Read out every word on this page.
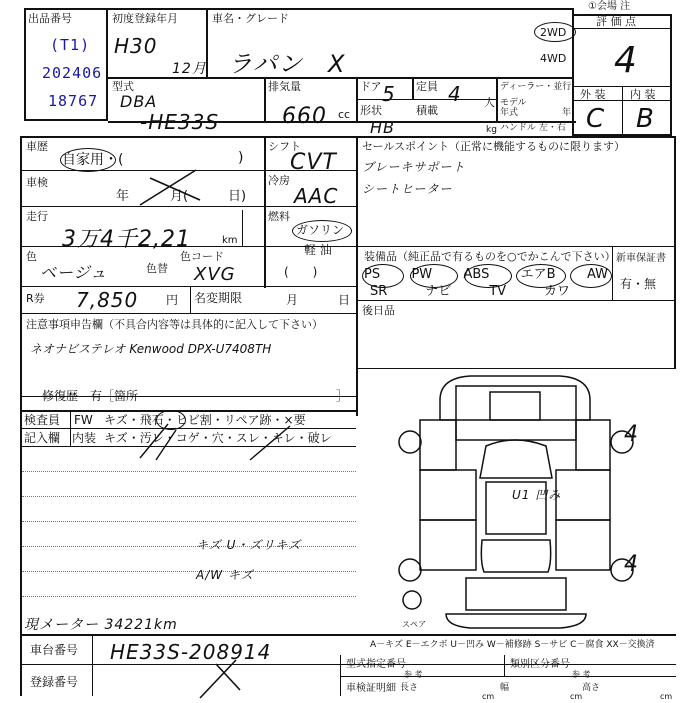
出品番号
(T1)
202406
18767
初度登録年月
H30
12月
車名・グレード
ラパン　X
①会場 注
評 価 点
4
2WD
4WD
型式
DBA
-HE33S
排気量
660 cc
ドア 5 定員 4 人
形状
HB
積載
kg
ディーラー・並行
モデル年式	年
ハンドル 左・右
外 装 内 装
C B
車歴
自家用・(	)
シフト
CVT
セールスポイント（正常に機能するものに限ります）
ブレーキサポート
シートヒーター
車検
年	月(	日)
冷房
AAC
走行
3万4千2,21	km
燃料
ガソリン
軽 油
(　　)
色
ベージュ	色替
色コード
XVG
装備品（純正品で有るものを○でかこんで下さい）
PS PW ABS エアB AW
SR	ナビ	TV	カワ
新車保証書
有・無
R券 7,850 円 名変期限	月	日
後日品
注意事項申告欄（不具合内容等は具体的に記入して下さい）
ネオナビステレオ Kenwood DPX-U7408TH
修復歴　有［箇所	］
検査員
記入欄
FW キズ・飛石・ヒビ割・リペア跡・×要
内装 キズ・汚レ・コゲ・穴・スレ・キレ・破レ
キズ U・ズリキズ
A/W キズ
現メーター 34221km
U1 凹み
4
4
スペア
A－キズ E－エクボ U－凹み W－補修跡 S－サビ C－腐食 XX－交換済
車台番号 HE33S-208914
登録番号
型式指定番号
参 考
類別区分番号
参 考
車検証明細 長さ
cm
幅
cm
高さ
cm
